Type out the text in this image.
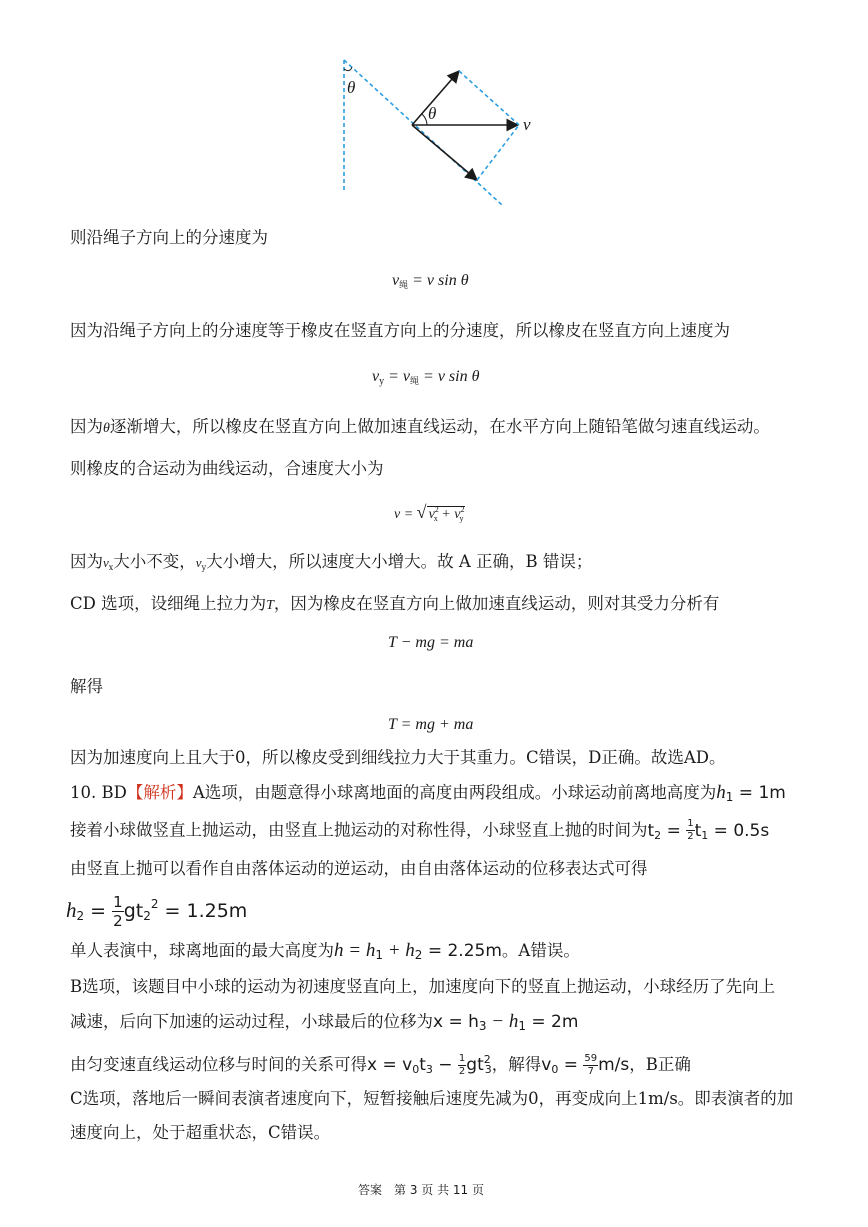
θ
θ
v
则沿绳子方向上的分速度为
$v_绳 = v$ sin θ
因为沿绳子方向上的分速度等于橡皮在竖直方向上的分速度，所以橡皮在竖直方向上速度为
$v_y = v_绳 = v$ sin θ
因为θ逐渐增大，所以橡皮在竖直方向上做加速直线运动，在水平方向上随铅笔做匀速直线运动。
则橡皮的合运动为曲线运动，合速度大小为
v = √ $v^2_x + v^2_y$
因为$v_x$大小不变，$v_y$大小增大，所以速度大小增大。故 A 正确，B 错误；
CD 选项，设细绳上拉力为T，因为橡皮在竖直方向上做加速直线运动，则对其受力分析有
T − mg = ma
解得
T = mg + ma
因为加速度向上且大于0，所以橡皮受到细线拉力大于其重力。C错误，D正确。故选AD。
10. BD【解析】A选项，由题意得小球离地面的高度由两段组成。小球运动前离地高度为$h_1 = 1m$
接着小球做竖直上抛运动，由竖直上抛运动的对称性得，小球竖直上抛的时间为$t_2 = \frac{1}{2} t_1 = 0.5s$
由竖直上抛可以看作自由落体运动的逆运动，由自由落体运动的位移表达式可得
$h_2 = \frac{1}{2} gt_2^2 = 1.25m$
单人表演中，球离地面的最大高度为$h = h_1 + h_2 = 2.25m$。A错误。
B选项，该题目中小球的运动为初速度竖直向上，加速度向下的竖直上抛运动，小球经历了先向上
减速，后向下加速的运动过程，小球最后的位移为$x = h_3 - h_1 = 2m$
由匀变速直线运动位移与时间的关系可得$x = v_0t_3 - \frac{1}{2} gt^2_3$，解得$v_0 = \frac{59}{7} m/s$，B正确
C选项，落地后一瞬间表演者速度向下，短暂接触后速度先减为0，再变成向上1m/s。即表演者的加
速度向上，处于超重状态，C错误。
答案　第 3 页 共 11 页
